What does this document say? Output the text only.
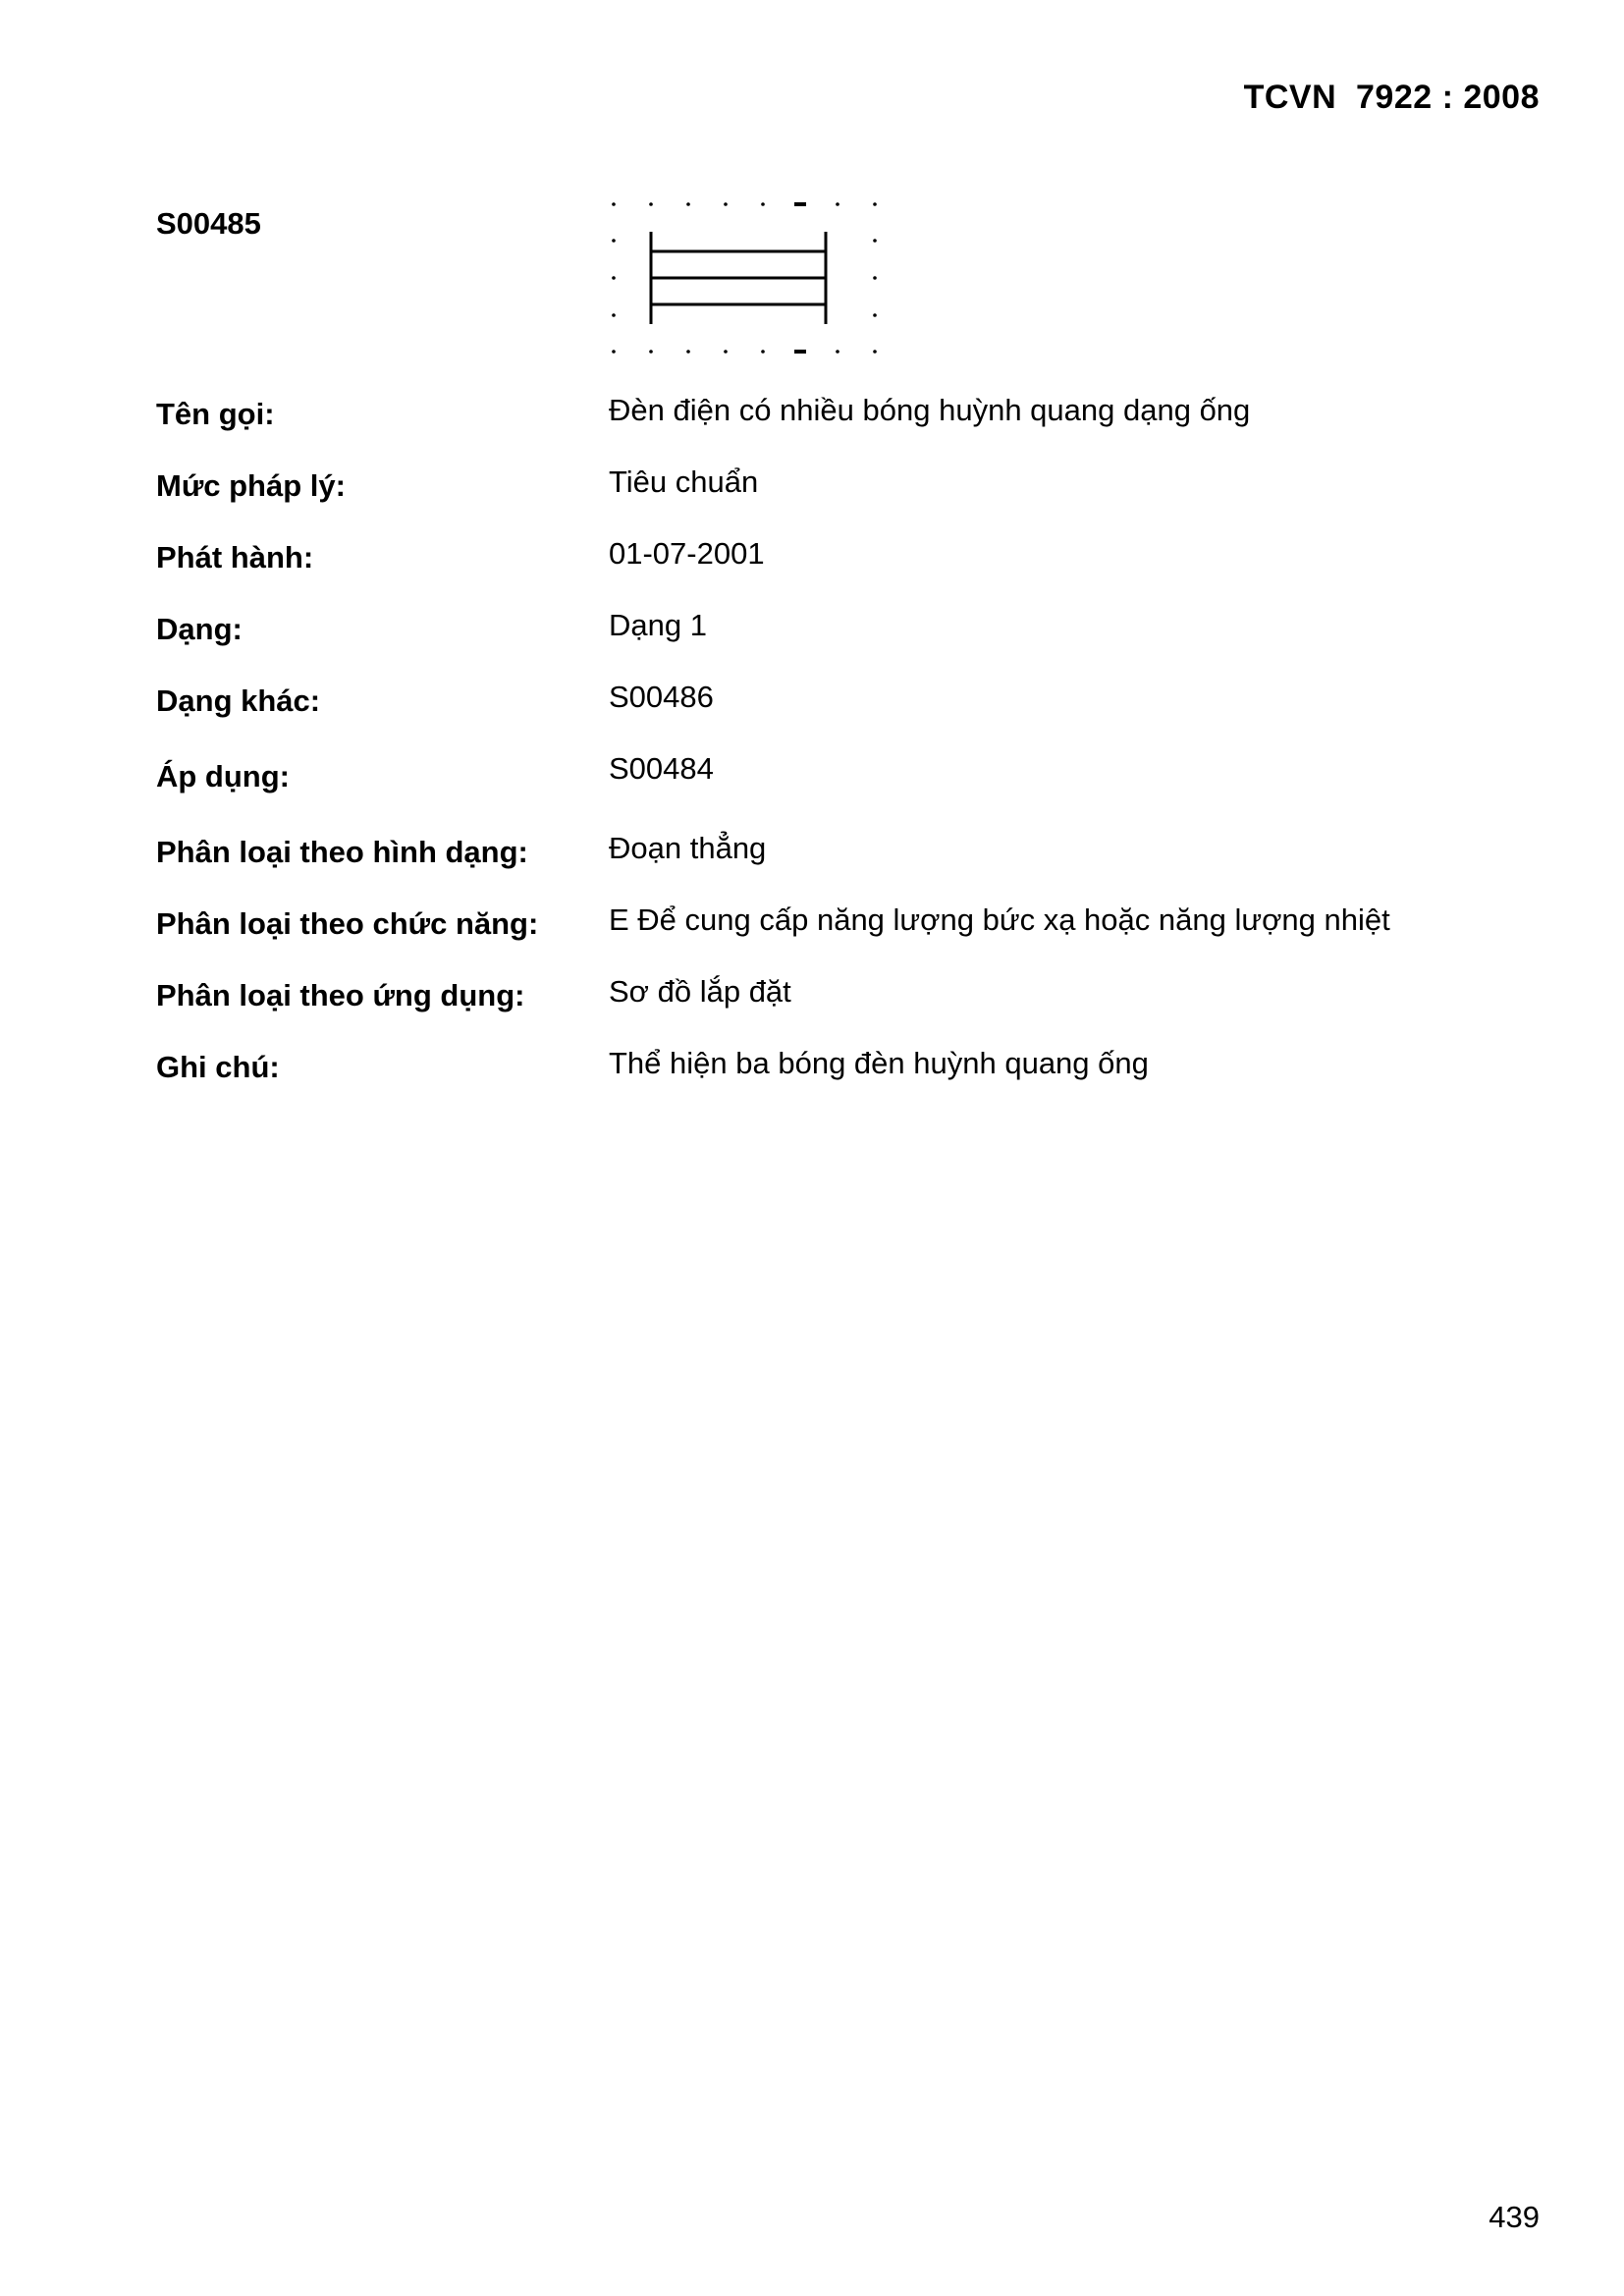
TCVN  7922 : 2008
S00485
Tên gọi:	Đèn điện có nhiều bóng huỳnh quang dạng ống
Mức pháp lý:	Tiêu chuẩn
Phát hành:	01-07-2001
Dạng:	Dạng 1
Dạng khác:	S00486
Áp dụng:	S00484
Phân loại theo hình dạng:	Đoạn thẳng
Phân loại theo chức năng: E Để cung cấp năng lượng bức xạ hoặc năng lượng nhiệt
Phân loại theo ứng dụng:	Sơ đồ lắp đặt
Ghi chú:	Thể hiện ba bóng đèn huỳnh quang ống
439
